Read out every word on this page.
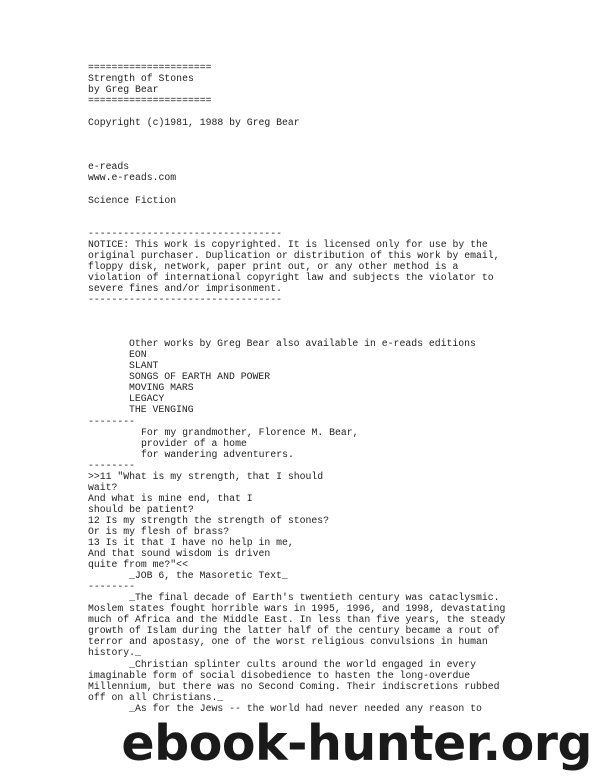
=====================
Strength of Stones
by Greg Bear
=====================
Copyright (c)1981, 1988 by Greg Bear
e-reads
www.e-reads.com
Science Fiction
---------------------------------
NOTICE: This work is copyrighted. It is licensed only for use by the
original purchaser. Duplication or distribution of this work by email,
floppy disk, network, paper print out, or any other method is a
violation of international copyright law and subjects the violator to
severe fines and/or imprisonment.
---------------------------------
Other works by Greg Bear also available in e-reads editions
EON
SLANT
SONGS OF EARTH AND POWER
MOVING MARS
LEGACY
THE VENGING
--------
For my grandmother, Florence M. Bear,
provider of a home
for wandering adventurers.
--------
>>11 "What is my strength, that I should
wait?
And what is mine end, that I
should be patient?
12 Is my strength the strength of stones?
Or is my flesh of brass?
13 Is it that I have no help in me,
And that sound wisdom is driven
quite from me?"<<
_JOB 6, the Masoretic Text_
--------
_The final decade of Earth's twentieth century was cataclysmic.
Moslem states fought horrible wars in 1995, 1996, and 1998, devastating
much of Africa and the Middle East. In less than five years, the steady
growth of Islam during the latter half of the century became a rout of
terror and apostasy, one of the worst religious convulsions in human
history._
_Christian splinter cults around the world engaged in every
imaginable form of social disobedience to hasten the long-overdue
Millennium, but there was no Second Coming. Their indiscretions rubbed
off on all Christians._
_As for the Jews -- the world had never needed any reason to
ebook-hunter.org
